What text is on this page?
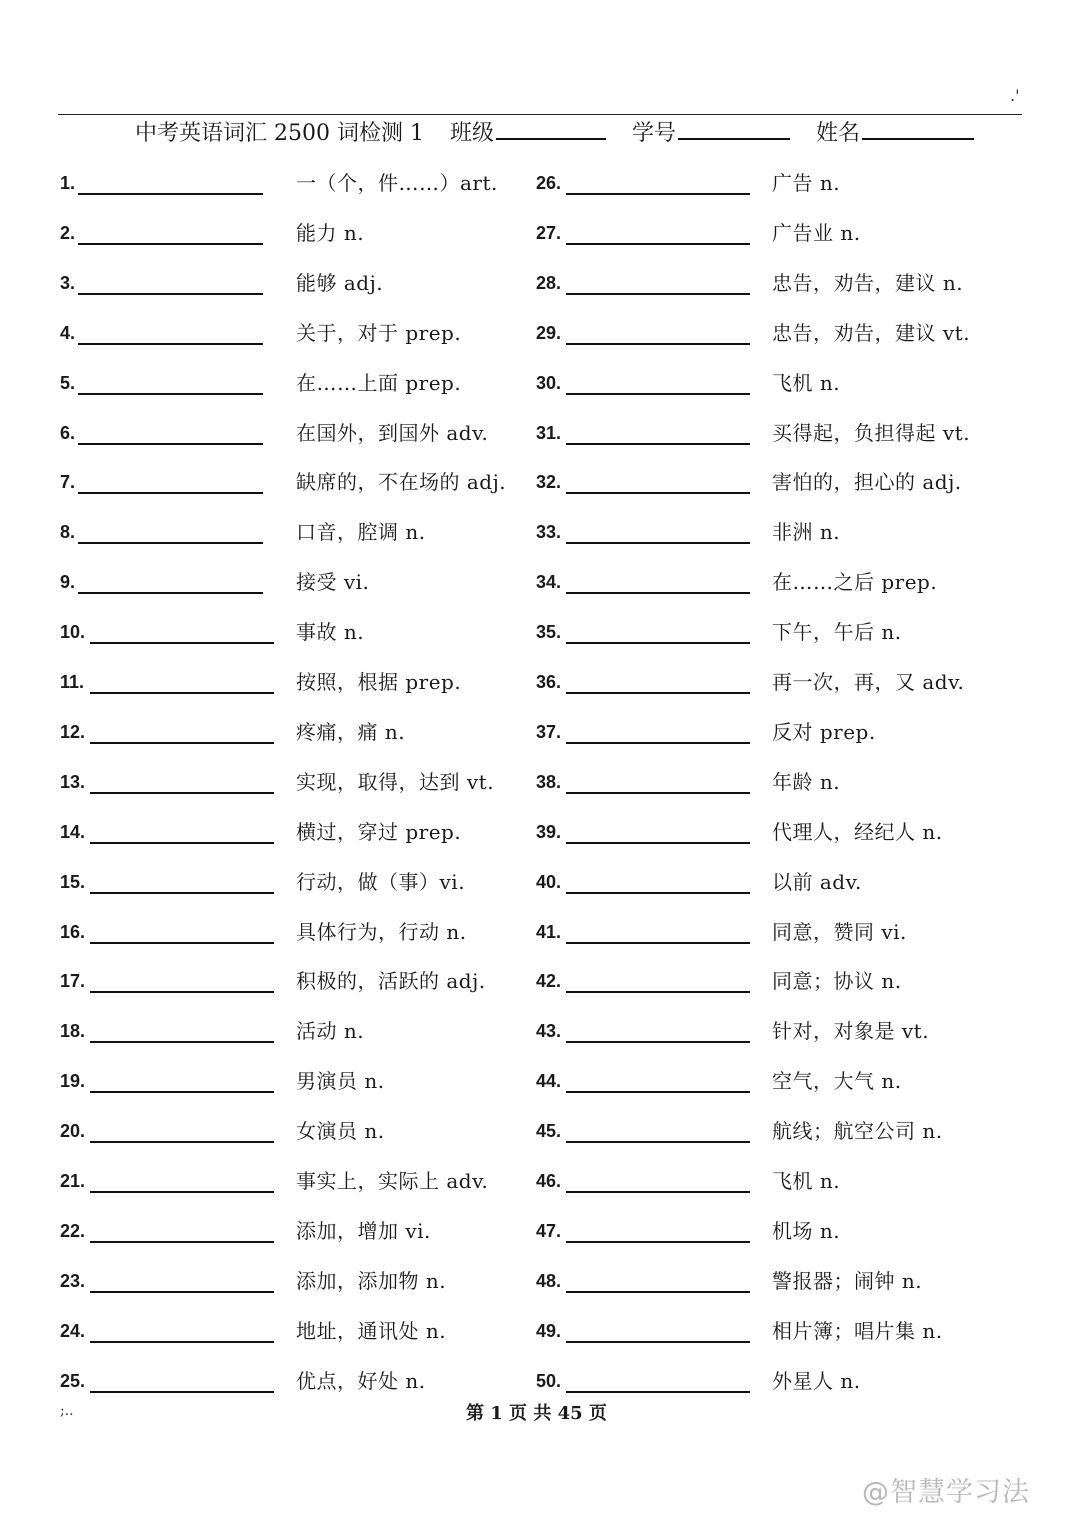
.'
中考英语词汇 2500 词检测 1 班级	学号	姓名
1.	一（个，件……）art.
2.	能力 n.
3.	能够 adj.
4.	关于，对于 prep.
5.	在……上面 prep.
6.	在国外，到国外 adv.
7.	缺席的，不在场的 adj.
8.	口音，腔调 n.
9.	接受 vi.
10.	事故 n.
11.	按照，根据 prep.
12.	疼痛，痛 n.
13.	实现，取得，达到 vt.
14.	横过，穿过 prep.
15.	行动，做（事）vi.
16.	具体行为，行动 n.
17.	积极的，活跃的 adj.
18.	活动 n.
19.	男演员 n.
20.	女演员 n.
21.	事实上，实际上 adv.
22.	添加，增加 vi.
23.	添加，添加物 n.
24.	地址，通讯处 n.
25.	优点，好处 n.
26.	广告 n.
27.	广告业 n.
28.	忠告，劝告，建议 n.
29.	忠告，劝告，建议 vt.
30.	飞机 n.
31.	买得起，负担得起 vt.
32.	害怕的，担心的 adj.
33.	非洲 n.
34.	在……之后 prep.
35.	下午，午后 n.
36.	再一次，再，又 adv.
37.	反对 prep.
38.	年龄 n.
39.	代理人，经纪人 n.
40.	以前 adv.
41.	同意，赞同 vi.
42.	同意；协议 n.
43.	针对，对象是 vt.
44.	空气，大气 n.
45.	航线；航空公司 n.
46.	飞机 n.
47.	机场 n.
48.	警报器；闹钟 n.
49.	相片簿；唱片集 n.
50.	外星人 n.
;..	第 1 页 共 45 页
@智慧学习法
